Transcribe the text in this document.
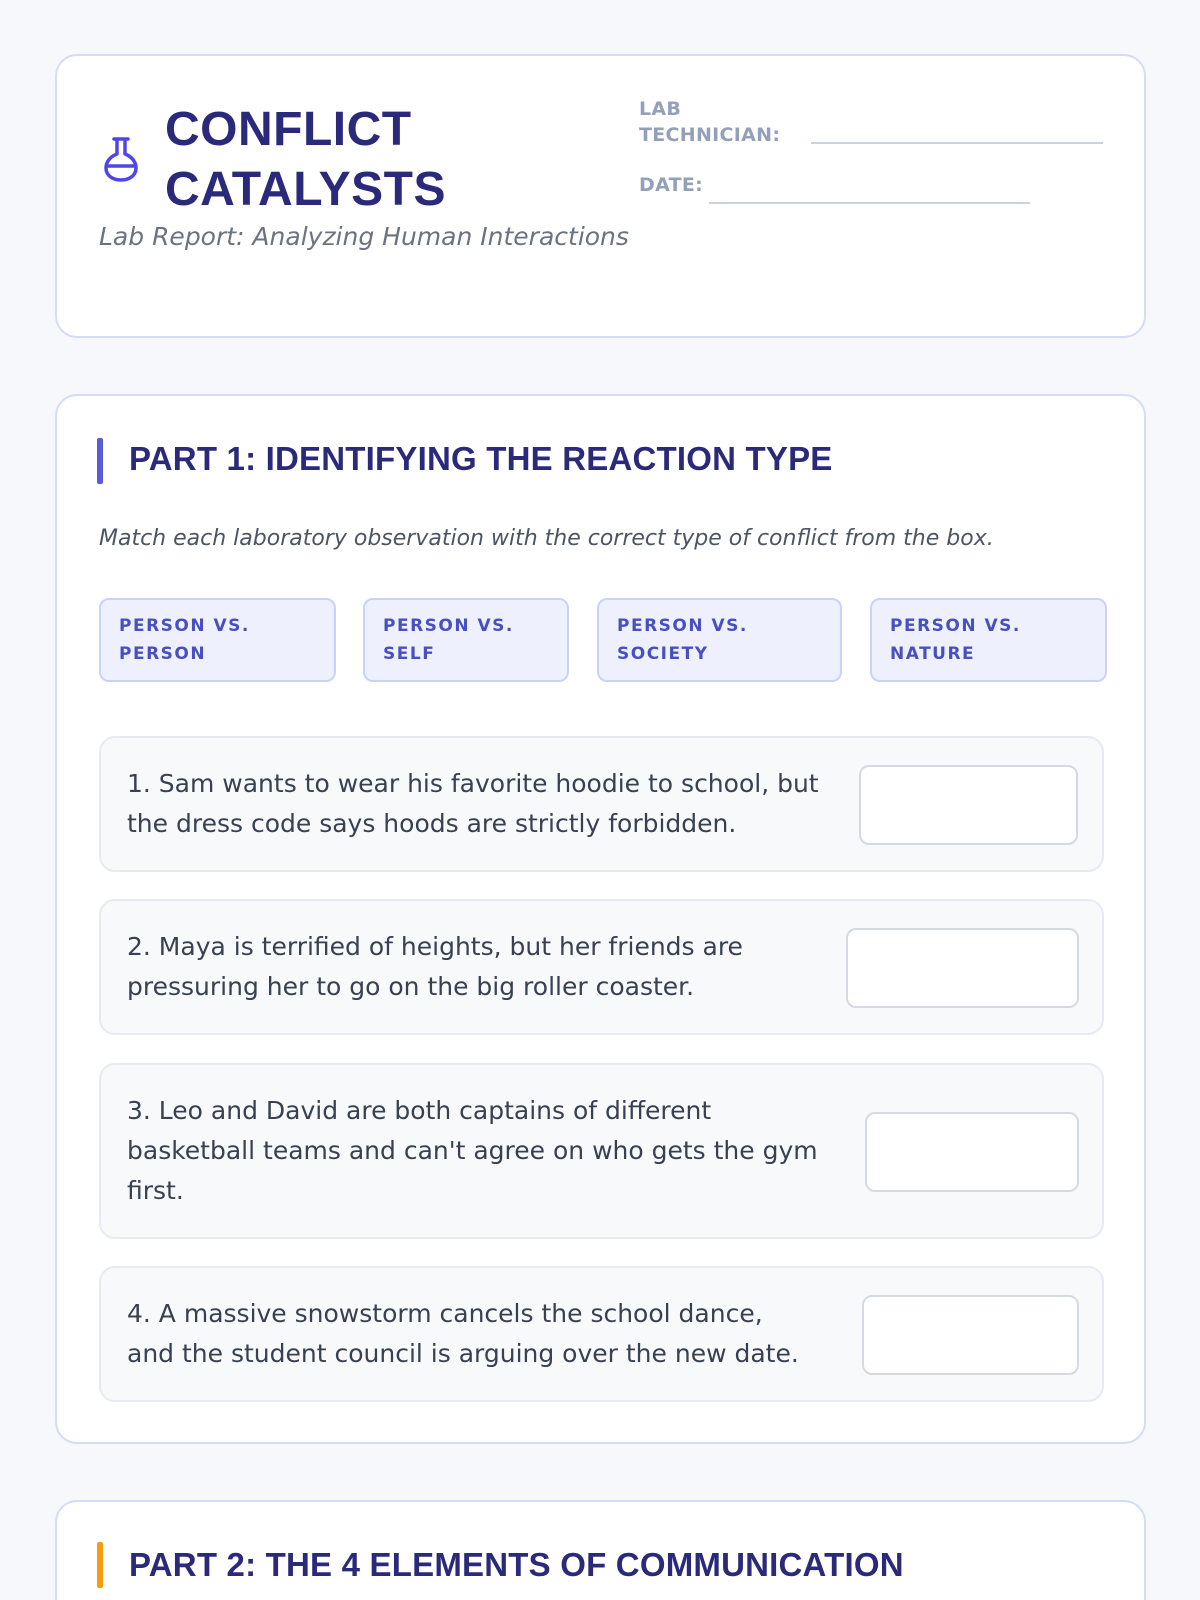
CONFLICT
CATALYSTS
Lab Report: Analyzing Human Interactions
LAB
TECHNICIAN:
DATE:
PART 1: IDENTIFYING THE REACTION TYPE
Match each laboratory observation with the correct type of conflict from the box.
PERSON VS.
PERSON
PERSON VS.
SELF
PERSON VS.
SOCIETY
PERSON VS.
NATURE
1. Sam wants to wear his favorite hoodie to school, but
the dress code says hoods are strictly forbidden.
2. Maya is terrified of heights, but her friends are
pressuring her to go on the big roller coaster.
3. Leo and David are both captains of different
basketball teams and can't agree on who gets the gym
first.
4. A massive snowstorm cancels the school dance,
and the student council is arguing over the new date.
PART 2: THE 4 ELEMENTS OF COMMUNICATION
